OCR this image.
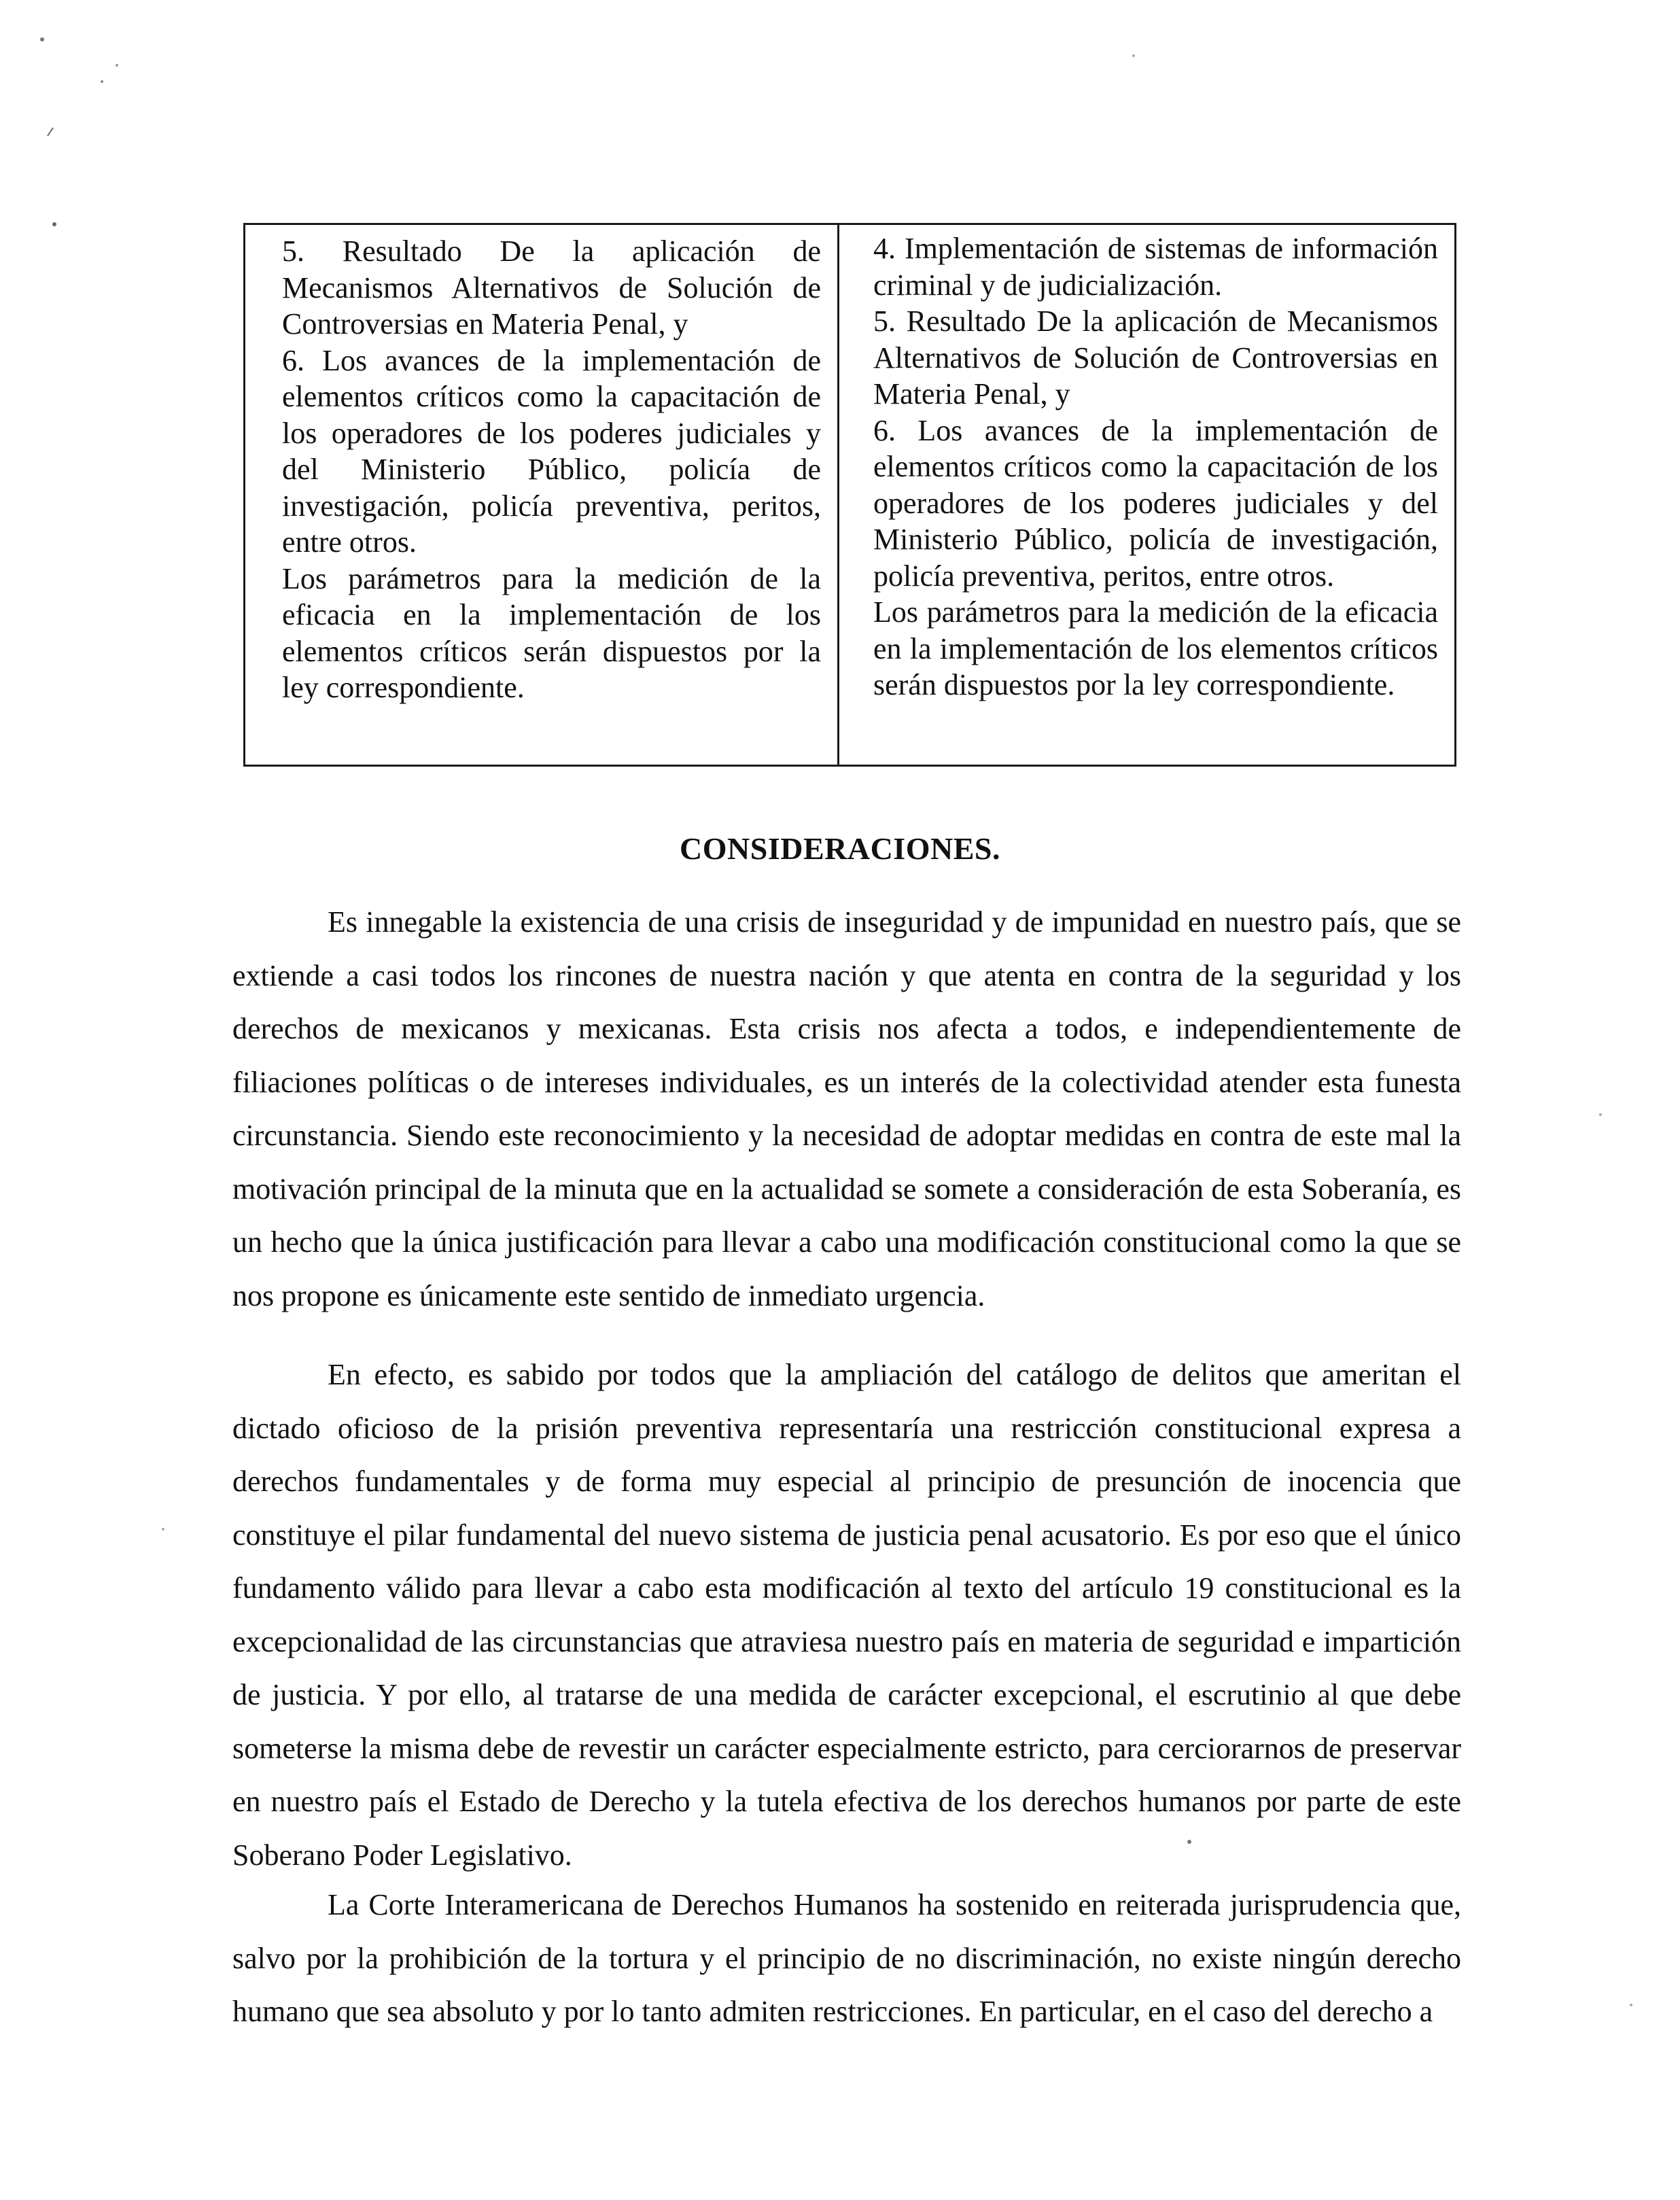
5. Resultado De la aplicación de Mecanismos Alternativos de Solución de Controversias en Materia Penal, y

6. Los avances de la implementación de elementos críticos como la capacitación de los operadores de los poderes judiciales y del Ministerio Público, policía de investigación, policía preventiva, peritos, entre otros.

Los parámetros para la medición de la eficacia en la implementación de los elementos críticos serán dispuestos por la ley correspondiente.

4. Implementación de sistemas de información criminal y de judicialización.

5. Resultado De la aplicación de Mecanismos Alternativos de Solución de Controversias en Materia Penal, y

6. Los avances de la implementación de elementos críticos como la capacitación de los operadores de los poderes judiciales y del Ministerio Público, policía de investigación, policía preventiva, peritos, entre otros.

Los parámetros para la medición de la eficacia en la implementación de los elementos críticos serán dispuestos por la ley correspondiente.

CONSIDERACIONES.

Es innegable la existencia de una crisis de inseguridad y de impunidad en nuestro país, que se extiende a casi todos los rincones de nuestra nación y que atenta en contra de la seguridad y los derechos de mexicanos y mexicanas. Esta crisis nos afecta a todos, e independientemente de filiaciones políticas o de intereses individuales, es un interés de la colectividad atender esta funesta circunstancia. Siendo este reconocimiento y la necesidad de adoptar medidas en contra de este mal la motivación principal de la minuta que en la actualidad se somete a consideración de esta Soberanía, es un hecho que la única justificación para llevar a cabo una modificación constitucional como la que se nos propone es únicamente este sentido de inmediato urgencia.

En efecto, es sabido por todos que la ampliación del catálogo de delitos que ameritan el dictado oficioso de la prisión preventiva representaría una restricción constitucional expresa a derechos fundamentales y de forma muy especial al principio de presunción de inocencia que constituye el pilar fundamental del nuevo sistema de justicia penal acusatorio. Es por eso que el único fundamento válido para llevar a cabo esta modificación al texto del artículo 19 constitucional es la excepcionalidad de las circunstancias que atraviesa nuestro país en materia de seguridad e impartición de justicia. Y por ello, al tratarse de una medida de carácter excepcional, el escrutinio al que debe someterse la misma debe de revestir un carácter especialmente estricto, para cerciorarnos de preservar en nuestro país el Estado de Derecho y la tutela efectiva de los derechos humanos por parte de este Soberano Poder Legislativo.

La Corte Interamericana de Derechos Humanos ha sostenido en reiterada jurisprudencia que, salvo por la prohibición de la tortura y el principio de no discriminación, no existe ningún derecho humano que sea absoluto y por lo tanto admiten restricciones. En particular, en el caso del derecho a
